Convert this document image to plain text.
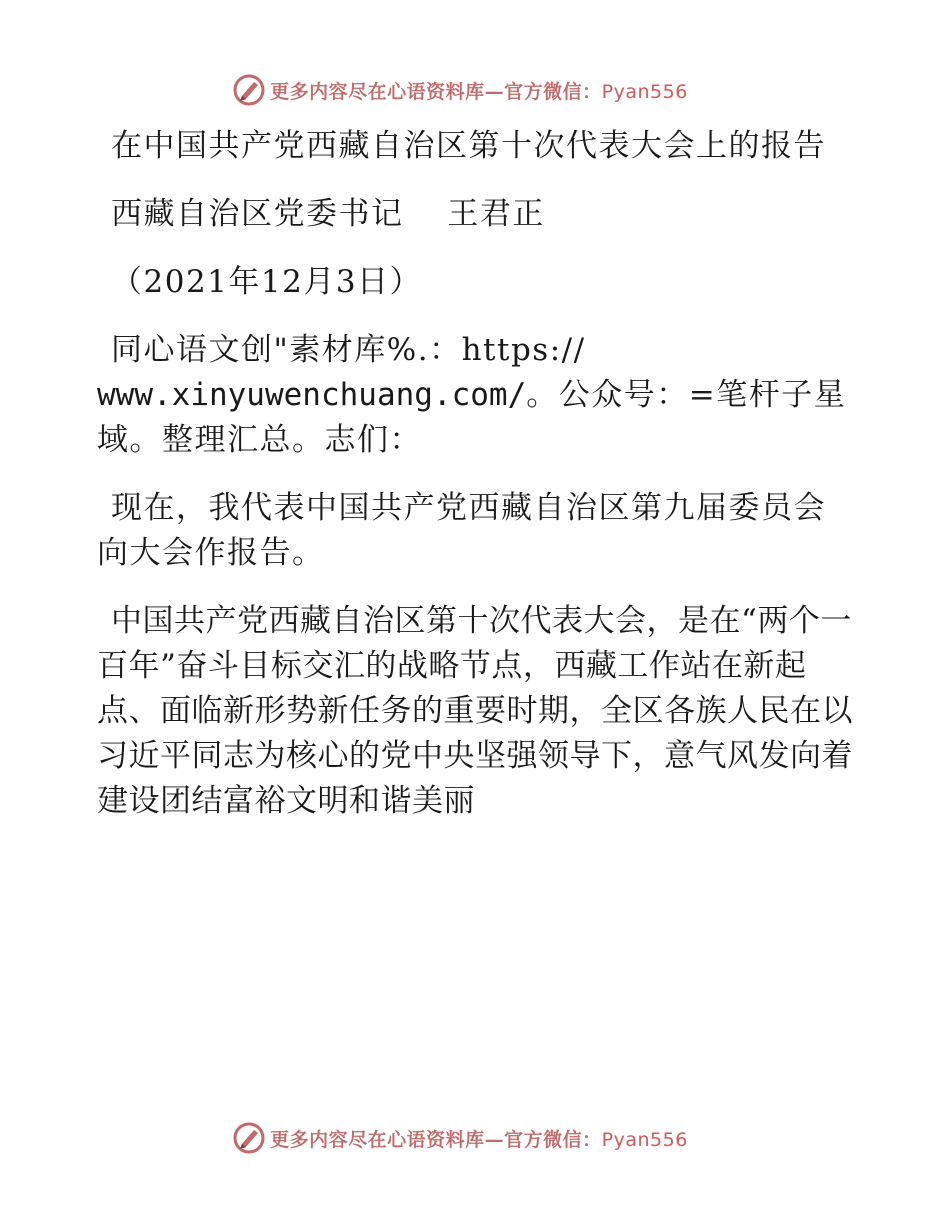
更多内容尽在心语资料库—官方微信：Pyan556

在中国共产党西藏自治区第十次代表大会上的报告

西藏自治区党委书记　 王君正

（2021年12月3日）

同心语文创"素材库%.：https://
www.xinyuwenchuang.com/。公众号：=笔杆子星域。整理汇总。志们：

现在，我代表中国共产党西藏自治区第九届委员会向大会作报告。

中国共产党西藏自治区第十次代表大会，是在“两个一百年”奋斗目标交汇的战略节点，西藏工作站在新起点、面临新形势新任务的重要时期，全区各族人民在以习近平同志为核心的党中央坚强领导下，意气风发向着建设团结富裕文明和谐美丽

更多内容尽在心语资料库—官方微信：Pyan556
